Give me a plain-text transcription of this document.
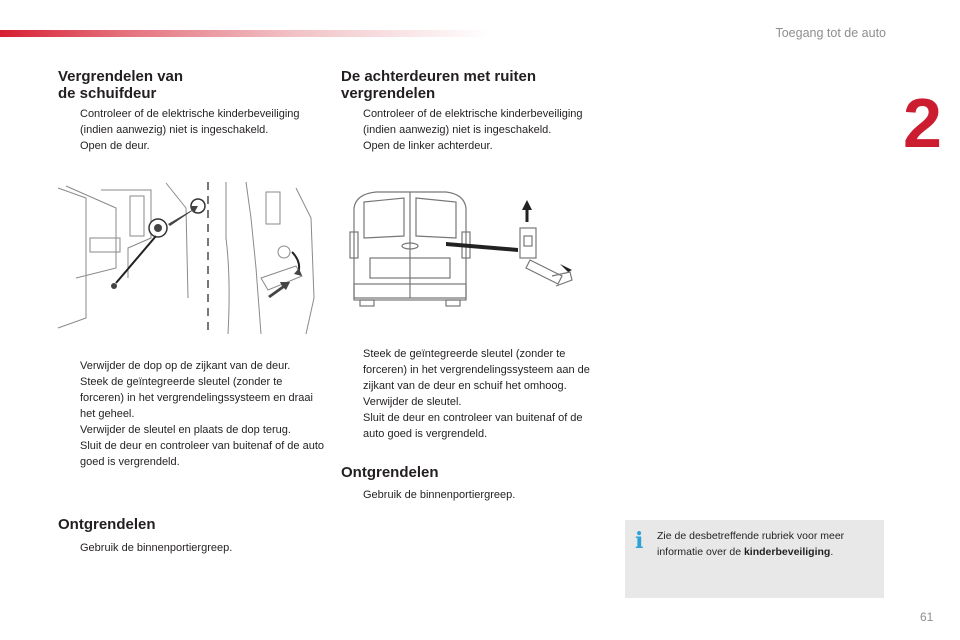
Toegang tot de auto
2
Vergrendelen van
de schuifdeur
Controleer of de elektrische kinderbeveiliging (indien aanwezig) niet is ingeschakeld.
Open de deur.
Verwijder de dop op de zijkant van de deur.
Steek de geïntegreerde sleutel (zonder te forceren) in het vergrendelingssysteem en draai het geheel.
Verwijder de sleutel en plaats de dop terug.
Sluit de deur en controleer van buitenaf of de auto goed is vergrendeld.
Ontgrendelen
Gebruik de binnenportiergreep.
De achterdeuren met ruiten
vergrendelen
Controleer of de elektrische kinderbeveiliging (indien aanwezig) niet is ingeschakeld.
Open de linker achterdeur.
Steek de geïntegreerde sleutel (zonder te forceren) in het vergrendelingssysteem aan de zijkant van de deur en schuif het omhoog.
Verwijder de sleutel.
Sluit de deur en controleer van buitenaf of de auto goed is vergrendeld.
Ontgrendelen
Gebruik de binnenportiergreep.
i Zie de desbetreffende rubriek voor meer informatie over de kinderbeveiliging.
61
